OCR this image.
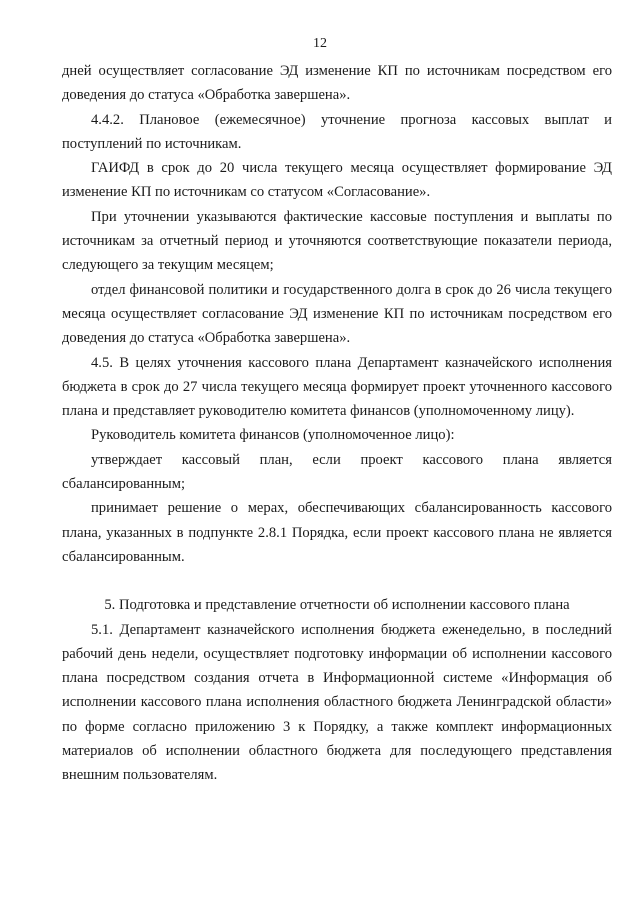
12

дней осуществляет согласование ЭД изменение КП по источникам посредством его доведения до статуса «Обработка завершена».

4.4.2. Плановое (ежемесячное) уточнение прогноза кассовых выплат и поступлений по источникам.

ГАИФД в срок до 20 числа текущего месяца осуществляет формирование ЭД изменение КП по источникам со статусом «Согласование».

При уточнении указываются фактические кассовые поступления и выплаты по источникам за отчетный период и уточняются соответствующие показатели периода, следующего за текущим месяцем;

отдел финансовой политики и государственного долга в срок до 26 числа текущего месяца осуществляет согласование ЭД изменение КП по источникам посредством его доведения до статуса «Обработка завершена».

4.5. В целях уточнения кассового плана Департамент казначейского исполнения бюджета в срок до 27 числа текущего месяца формирует проект уточненного кассового плана и представляет руководителю комитета финансов (уполномоченному лицу).

Руководитель комитета финансов (уполномоченное лицо):

утверждает кассовый план, если проект кассового плана является сбалансированным;

принимает решение о мерах, обеспечивающих сбалансированность кассового плана, указанных в подпункте 2.8.1 Порядка, если проект кассового плана не является сбалансированным.

5. Подготовка и представление отчетности об исполнении кассового плана

5.1. Департамент казначейского исполнения бюджета еженедельно, в последний рабочий день недели, осуществляет подготовку информации об исполнении кассового плана посредством создания отчета в Информационной системе «Информация об исполнении кассового плана исполнения областного бюджета Ленинградской области» по форме согласно приложению 3 к Порядку, а также комплект информационных материалов об исполнении областного бюджета для последующего представления внешним пользователям.
